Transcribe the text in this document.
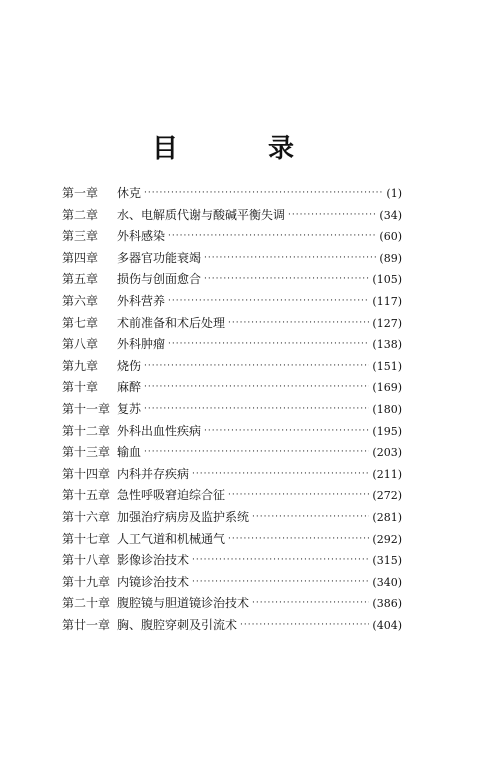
目	录
第一章	休克 ·····	(1)
第二章	水、电解质代谢与酸碱平衡失调 ·····	(34)
第三章	外科感染 ·····	(60)
第四章	多器官功能衰竭 ·····	(89)
第五章	损伤与创面愈合 ·····	(105)
第六章	外科营养 ·····	(117)
第七章	术前准备和术后处理 ·····	(127)
第八章	外科肿瘤 ·····	(138)
第九章	烧伤 ·····	(151)
第十章	麻醉 ·····	(169)
第十一章 复苏 ·····	(180)
第十二章 外科出血性疾病 ·····	(195)
第十三章 输血 ·····	(203)
第十四章 内科并存疾病 ·····	(211)
第十五章 急性呼吸窘迫综合征 ·····	(272)
第十六章 加强治疗病房及监护系统 ·····	(281)
第十七章 人工气道和机械通气 ·····	(292)
第十八章 影像诊治技术 ·····	(315)
第十九章 内镜诊治技术 ·····	(340)
第二十章 腹腔镜与胆道镜诊治技术 ·····	(386)
第廿一章 胸、腹腔穿刺及引流术 ·····	(404)
